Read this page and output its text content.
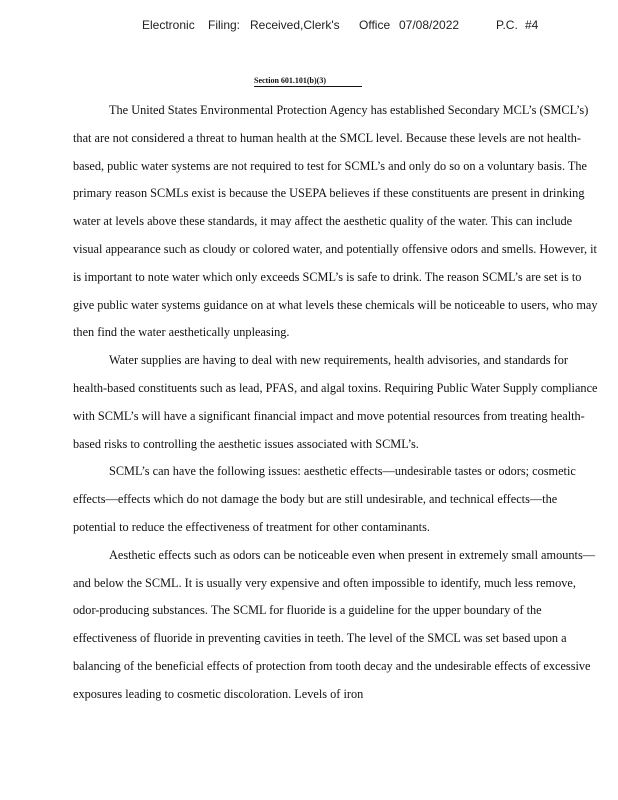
Electronic Filing: Received,Clerk's Office 07/08/2022	P.C. #4
Section 601.101(b)(3)

The United States Environmental Protection Agency has established Secondary MCL’s (SMCL’s) that are not considered a threat to human health at the SMCL level. Because these levels are not health-based, public water systems are not required to test for SCML’s and only do so on a voluntary basis. The primary reason SCMLs exist is because the USEPA believes if these constituents are present in drinking water at levels above these standards, it may affect the aesthetic quality of the water. This can include visual appearance such as cloudy or colored water, and potentially offensive odors and smells. However, it is important to note water which only exceeds SCML’s is safe to drink. The reason SCML’s are set is to give public water systems guidance on at what levels these chemicals will be noticeable to users, who may then find the water aesthetically unpleasing.

Water supplies are having to deal with new requirements, health advisories, and standards for health-based constituents such as lead, PFAS, and algal toxins. Requiring Public Water Supply compliance with SCML’s will have a significant financial impact and move potential resources from treating health-based risks to controlling the aesthetic issues associated with SCML’s.

SCML’s can have the following issues: aesthetic effects—undesirable tastes or odors; cosmetic effects—effects which do not damage the body but are still undesirable, and technical effects—the potential to reduce the effectiveness of treatment for other contaminants.

Aesthetic effects such as odors can be noticeable even when present in extremely small amounts—and below the SCML. It is usually very expensive and often impossible to identify, much less remove, odor-producing substances. The SCML for fluoride is a guideline for the upper boundary of the effectiveness of fluoride in preventing cavities in teeth. The level of the SMCL was set based upon a balancing of the beneficial effects of protection from tooth decay and the undesirable effects of excessive exposures leading to cosmetic discoloration. Levels of iron
